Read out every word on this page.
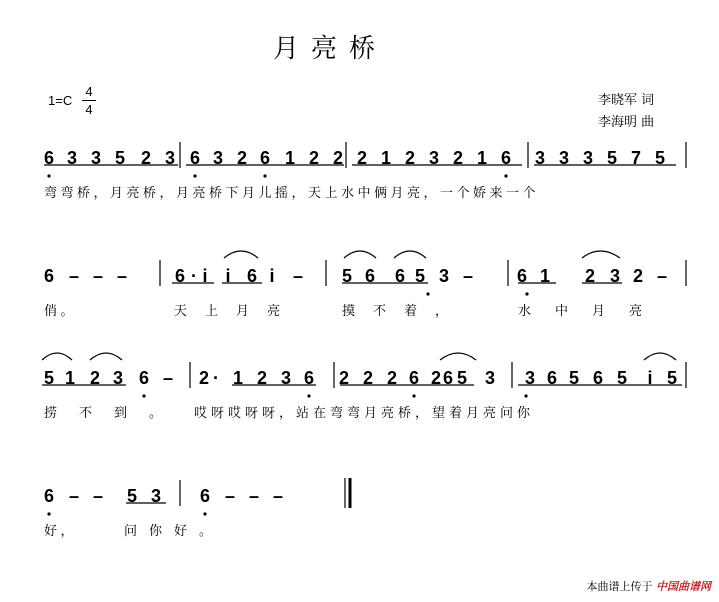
月亮桥
1=C
4
4
李晓军 词
李海明 曲
6 3 3 5 2 3 6 3 2 6 1 2 2 2 1 2 3 2 1 6 3 3 3 5 7 5
6 – – –	6 · i i 6 i – 5 6 6 5 3 – 6 1 2 3 2 –
5 1 2 3 6 – 2 · 1 2 3 6 2 2 2 6 2 6 5 3 3 6 5 6 5 i 5
6 – – 5 3 6 – – –
弯弯桥，月亮桥，月亮桥下月儿摇，天上水中俩月亮，一个娇来一个
俏。	天上月亮	摸不着，	水中月亮
捞不到。 哎呀哎呀呀，站在弯弯月亮桥，望着月亮问你
好，	问你好。
本曲谱上传于 中国曲谱网
